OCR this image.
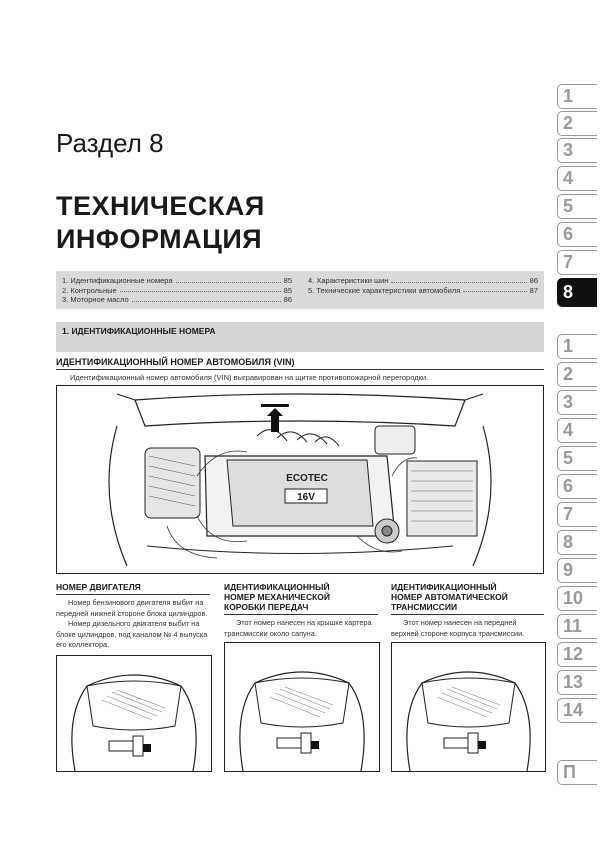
Раздел 8
ТЕХНИЧЕСКАЯ
ИНФОРМАЦИЯ
1.
Идентификационные номера	85
2.
Контрольные	85
3.
Моторное масло	86
4.
Характеристики шин	86
5.
Технические характеристики автомобиля	87
1. ИДЕНТИФИКАЦИОННЫЕ НОМЕРА
ИДЕНТИФИКАЦИОННЫЙ НОМЕР АВТОМОБИЛЯ (VIN)
Идентификационный номер автомобиля (VIN) выгравирован на щитке противопожарной перегородки.
ECOTEC
16V
НОМЕР ДВИГАТЕЛЯ
Номер бензинового двигателя выбит на передней нижней стороне блока цилиндров.
Номер дизельного двигателя выбит на блоке цилиндров, под каналом № 4 выпуска его коллектора.
ИДЕНТИФИКАЦИОННЫЙ
НОМЕР МЕХАНИЧЕСКОЙ
КОРОБКИ ПЕРЕДАЧ
Этот номер нанесен на крышке картера трансмиссии около сапуна.
ИДЕНТИФИКАЦИОННЫЙ
НОМЕР АВТОМАТИЧЕСКОЙ
ТРАНСМИССИИ
Этот номер нанесен на передней верхней стороне корпуса трансмиссии.
1
2
3
4
5
6
7
8
1
2
3
4
5
6
7
8
9
10
11
12
13
14
П
